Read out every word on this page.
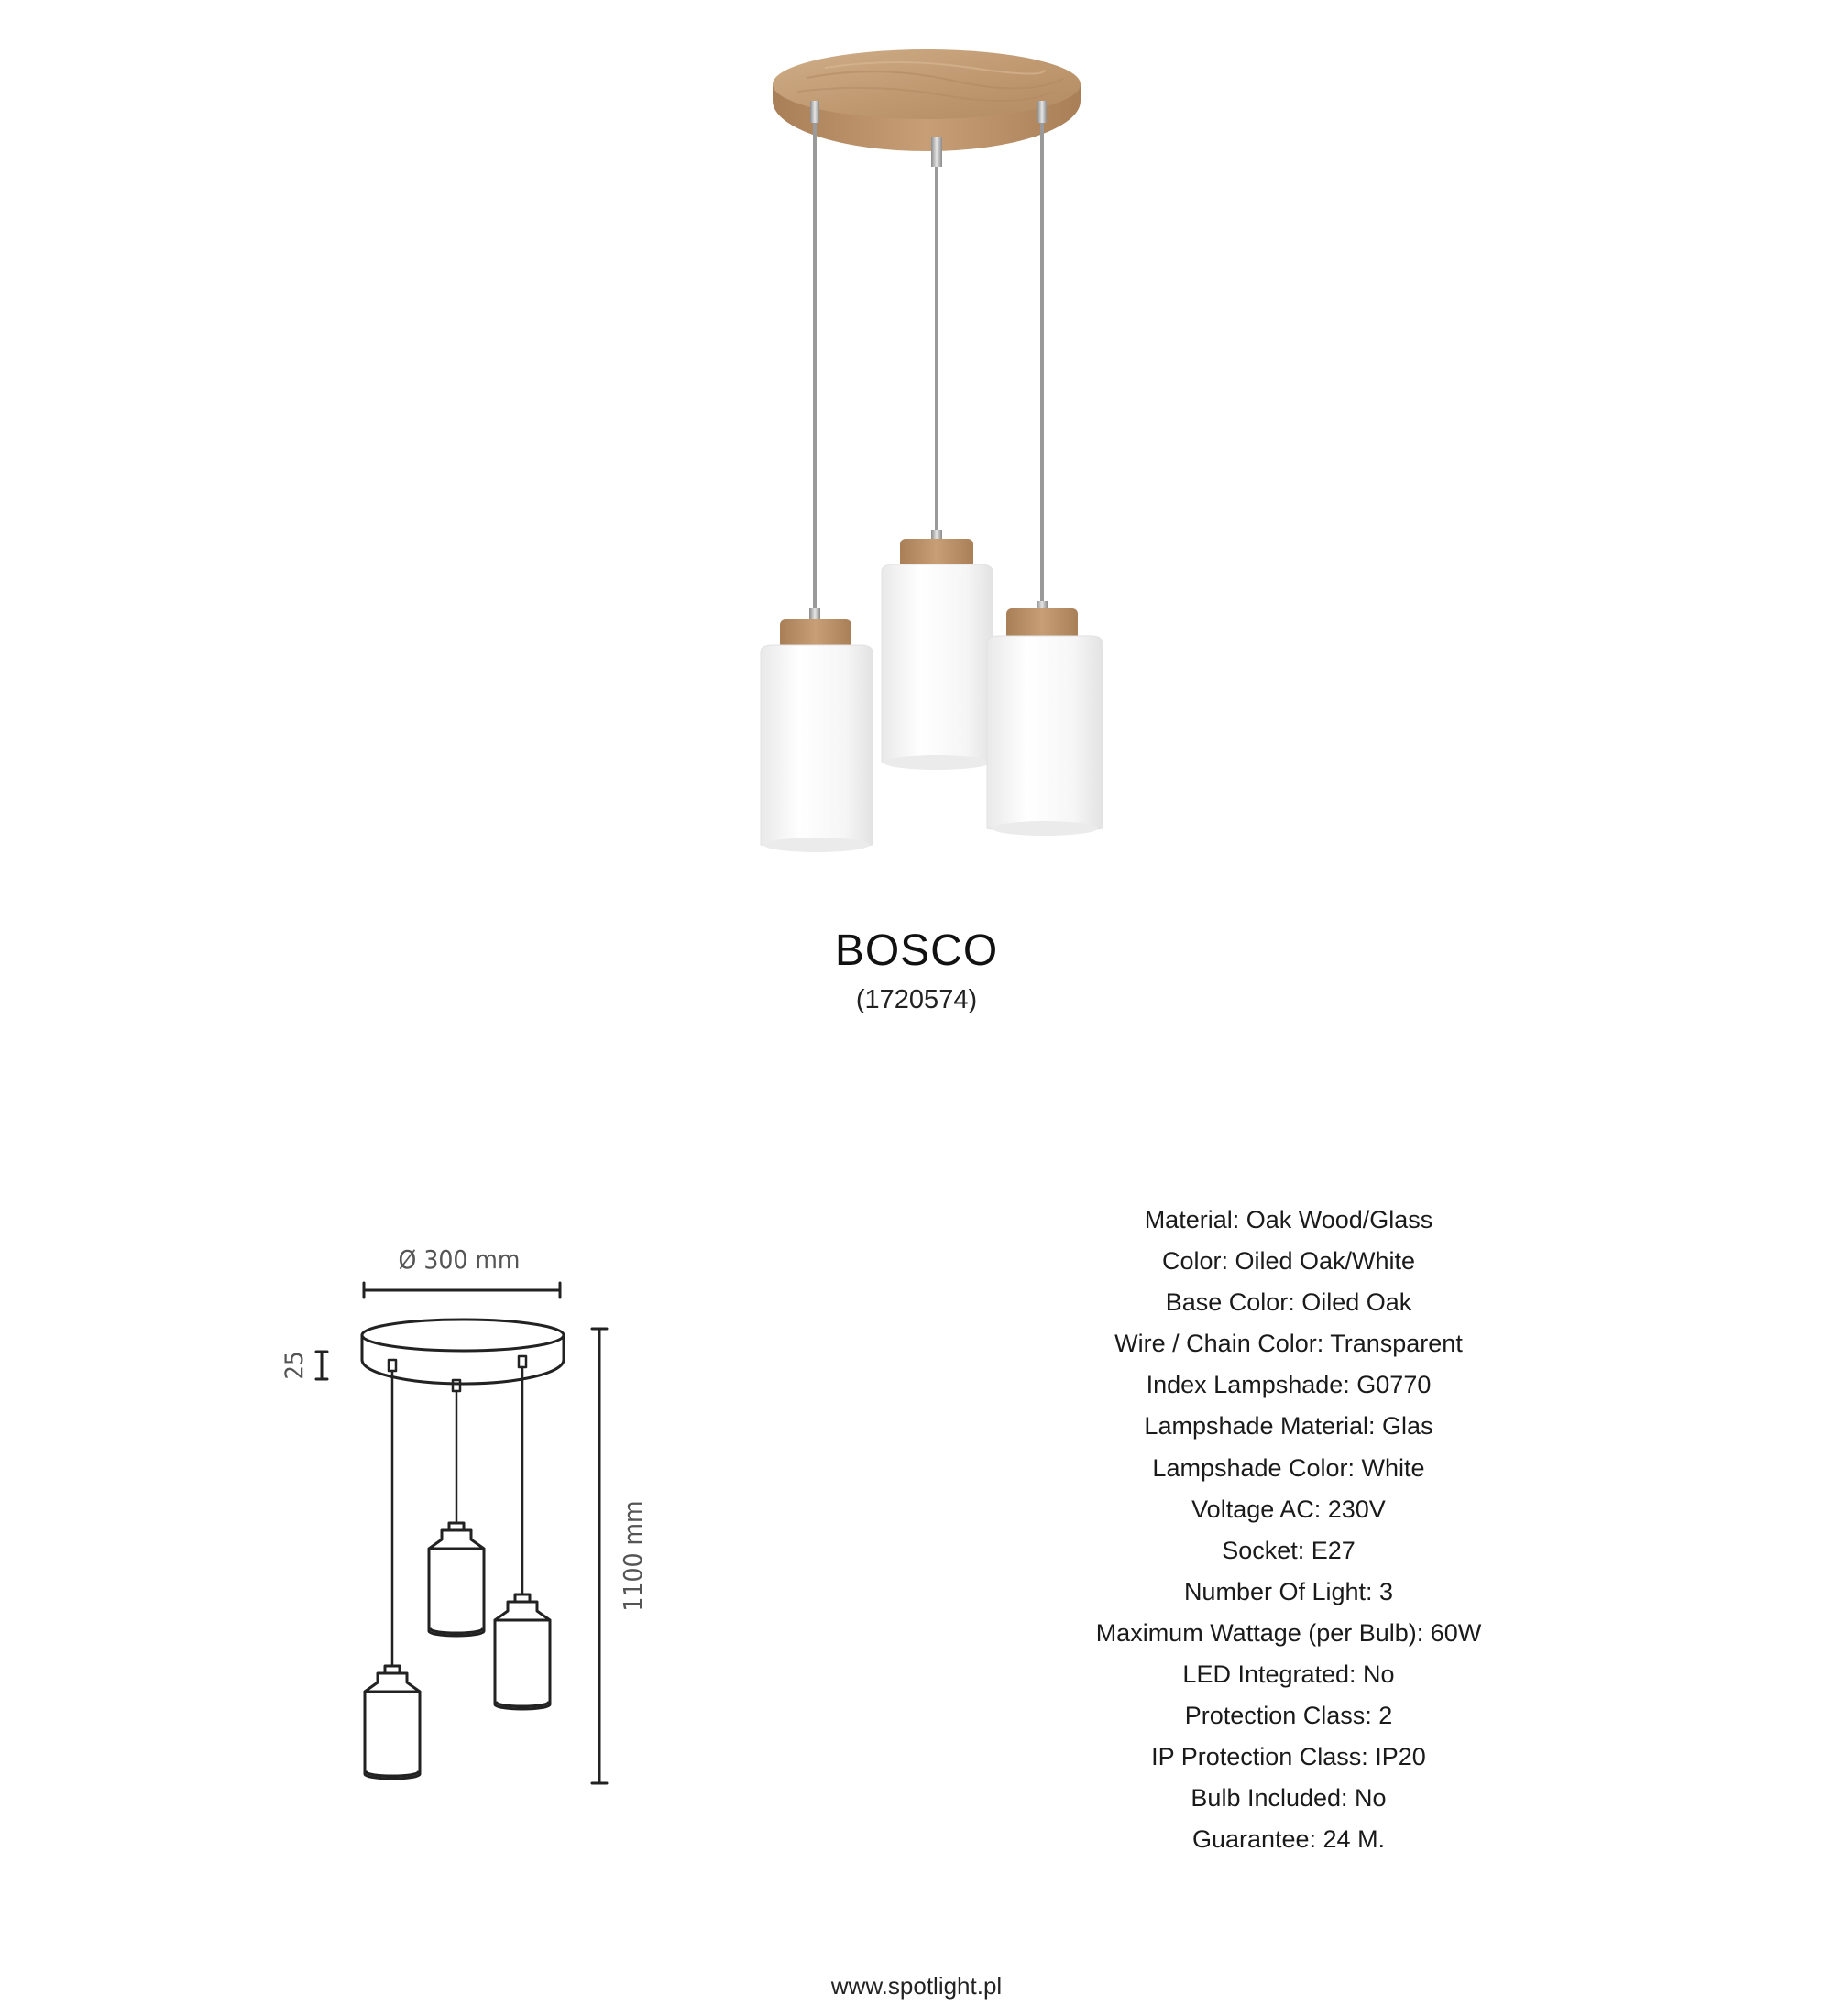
BOSCO
(1720574)
Ø 300 mm
25
1100 mm
Material: Oak Wood/Glass
Color: Oiled Oak/White
Base Color: Oiled Oak
Wire / Chain Color: Transparent
Index Lampshade: G0770
Lampshade Material: Glas
Lampshade Color: White
Voltage AC: 230V
Socket: E27
Number Of Light: 3
Maximum Wattage (per Bulb): 60W
LED Integrated: No
Protection Class: 2
IP Protection Class: IP20
Bulb Included: No
Guarantee: 24 M.
www.spotlight.pl
